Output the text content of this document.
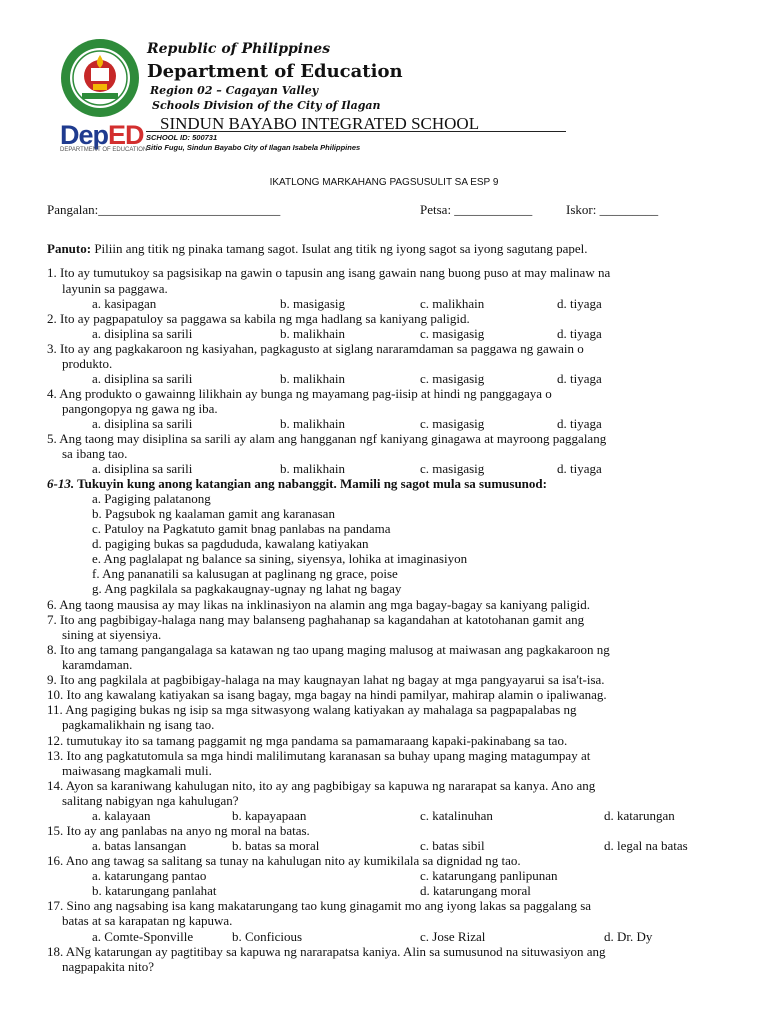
DepED
DEPARTMENT OF EDUCATION
Republic of Philippines
Department of Education
Region 02 – Cagayan Valley
Schools Division of the City of Ilagan
SINDUN BAYABO INTEGRATED SCHOOL
SCHOOL ID: 500731
Sitio Fugu, Sindun Bayabo City of Ilagan Isabela Philippines
IKATLONG MARKAHANG PAGSUSULIT SA ESP 9
Pangalan:____________________________	Petsa: ____________	Iskor: _________
Panuto: Piliin ang titik ng pinaka tamang sagot. Isulat ang titik ng iyong sagot sa iyong sagutang papel.
6-13. Tukuyin kung anong katangian ang nabanggit. Mamili ng sagot mula sa sumusunod:
1. Ito ay tumutukoy sa pagsisikap na gawin o tapusin ang isang gawain nang buong puso at may malinaw na
layunin sa paggawa.
a. kasipagan	b. masigasig	c. malikhain	d. tiyaga
2. Ito ay pagpapatuloy sa paggawa sa kabila ng mga hadlang sa kaniyang paligid.
a. disiplina sa sarili	b. malikhain	c. masigasig	d. tiyaga
3. Ito ay ang pagkakaroon ng kasiyahan, pagkagusto at siglang nararamdaman sa paggawa ng gawain o
produkto.
a. disiplina sa sarili	b. malikhain	c. masigasig	d. tiyaga
4. Ang produkto o gawainng lilikhain ay bunga ng mayamang pag-iisip at hindi ng panggagaya o
pangongopya ng gawa ng iba.
a. disiplina sa sarili	b. malikhain	c. masigasig	d. tiyaga
5. Ang taong may disiplina sa sarili ay alam ang hangganan ngf kaniyang ginagawa at mayroong paggalang
sa ibang tao.
a. disiplina sa sarili	b. malikhain	c. masigasig	d. tiyaga
a. Pagiging palatanong
b. Pagsubok ng kaalaman gamit ang karanasan
c. Patuloy na Pagkatuto gamit bnag panlabas na pandama
d. pagiging bukas sa pagdududa, kawalang katiyakan
e. Ang paglalapat ng balance sa sining, siyensya, lohika at imaginasiyon
f. Ang pananatili sa kalusugan at paglinang ng grace, poise
g. Ang pagkilala sa pagkakaugnay-ugnay ng lahat ng bagay
6. Ang taong mausisa ay may likas na inklinasiyon na alamin ang mga bagay-bagay sa kaniyang paligid.
7. Ito ang pagbibigay-halaga nang may balanseng paghahanap sa kagandahan at katotohanan gamit ang
sining at siyensiya.
8. Ito ang tamang pangangalaga sa katawan ng tao upang maging malusog at maiwasan ang pagkakaroon ng
karamdaman.
9. Ito ang pagkilala at pagbibigay-halaga na may kaugnayan lahat ng bagay at mga pangyayarui sa isa't-isa.
10. Ito ang kawalang katiyakan sa isang bagay, mga bagay na hindi pamilyar, mahirap alamin o ipaliwanag.
11. Ang pagiging bukas ng isip sa mga sitwasyong walang katiyakan ay mahalaga sa pagpapalabas ng
pagkamalikhain ng isang tao.
12. tumutukay ito sa tamang paggamit ng mga pandama sa pamamaraang kapaki-pakinabang sa tao.
13. Ito ang pagkatutomula sa mga hindi malilimutang karanasan sa buhay upang maging matagumpay at
maiwasang magkamali muli.
14. Ayon sa karaniwang kahulugan nito, ito ay ang pagbibigay sa kapuwa ng nararapat sa kanya. Ano ang
salitang nabigyan nga kahulugan?
a. kalayaan	b. kapayapaan	c. katalinuhan	d. katarungan
15. Ito ay ang panlabas na anyo ng moral na batas.
a. batas lansangan	b. batas sa moral	c. batas sibil	d. legal na batas
16. Ano ang tawag sa salitang sa tunay na kahulugan nito ay kumikilala sa dignidad ng tao.
a. katarungang pantao	c. katarungang panlipunan
b. katarungang panlahat	d. katarungang moral
17. Sino ang nagsabing isa kang makatarungang tao kung ginagamit mo ang iyong lakas sa paggalang sa
batas at sa karapatan ng kapuwa.
a. Comte-Sponville	b. Conficious	c. Jose Rizal	d. Dr. Dy
18. ANg katarungan ay pagtitibay sa kapuwa ng nararapatsa kaniya. Alin sa sumusunod na situwasiyon ang
nagpapakita nito?
